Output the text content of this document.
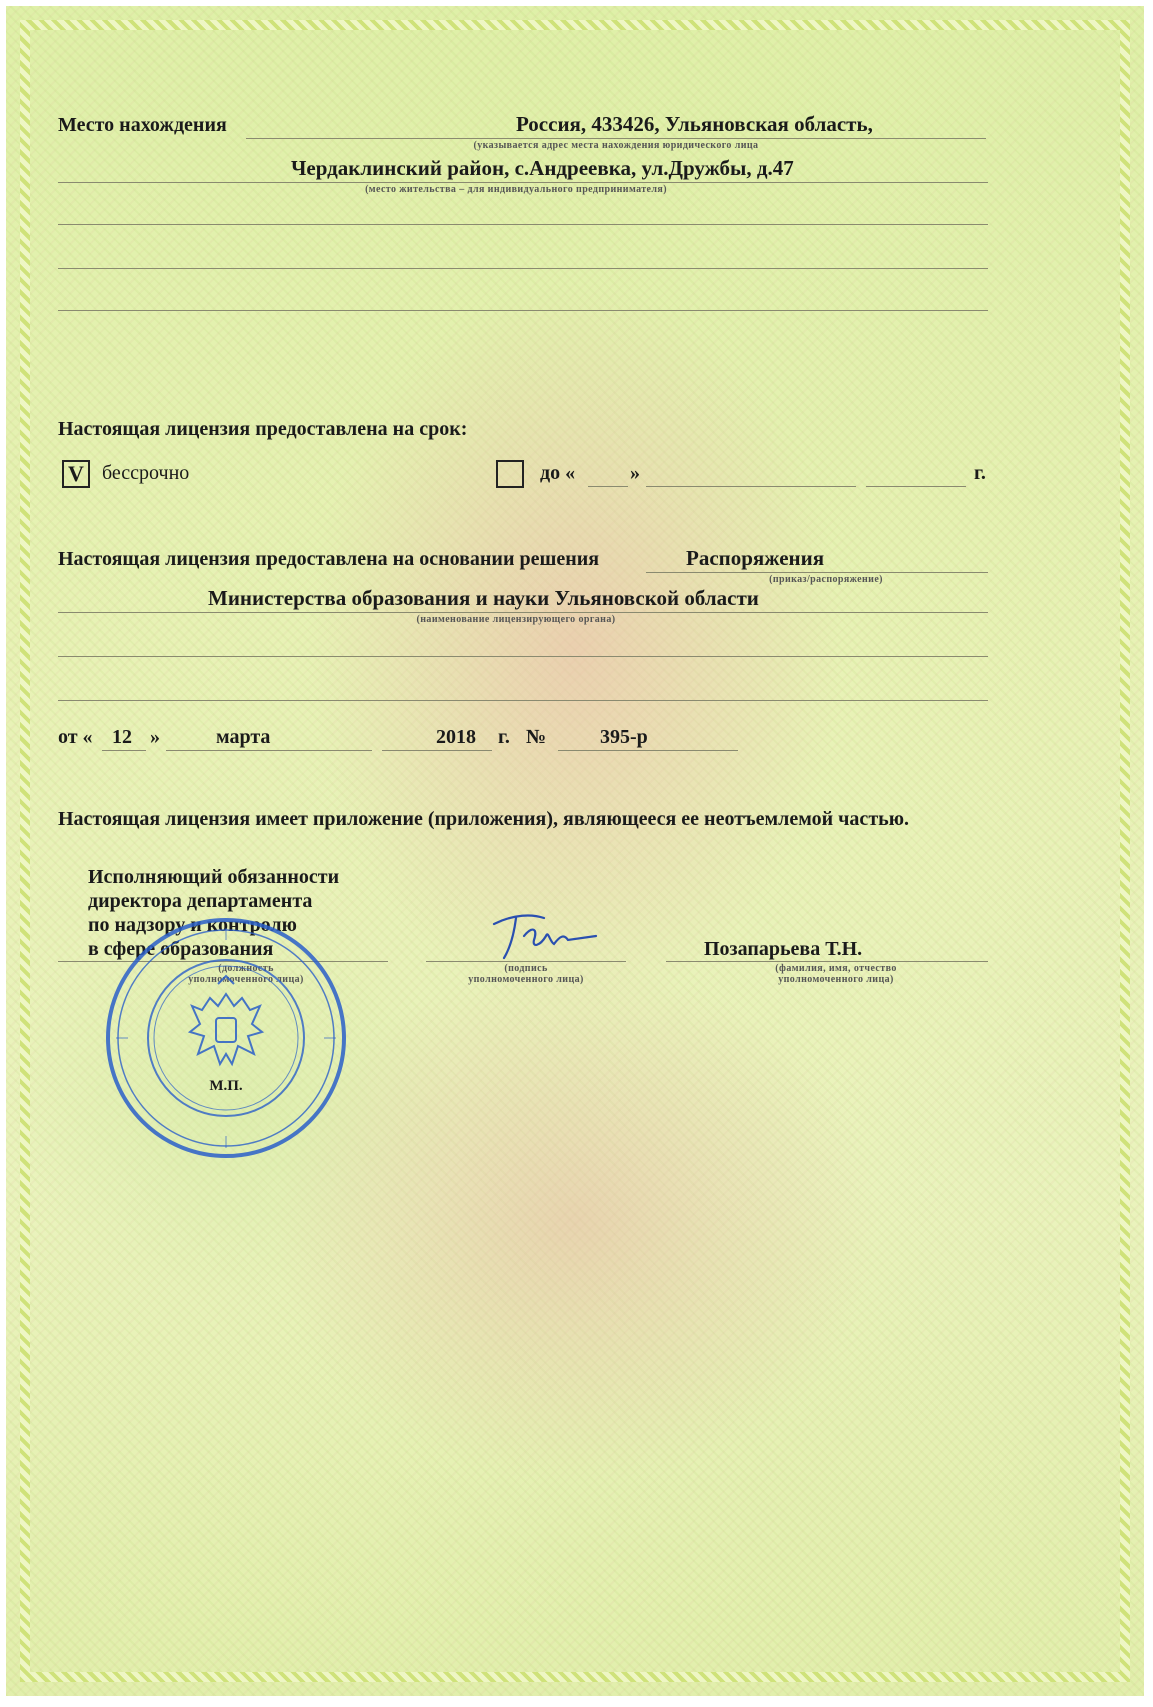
Место нахождения	Россия, 433426, Ульяновская область,
(указывается адрес места нахождения юридического лица
Чердаклинский район, с.Андреевка, ул.Дружбы, д.47
(место жительства – для индивидуального предпринимателя)
Настоящая лицензия предоставлена на срок:
V бессрочно	до «	»	г.
Настоящая лицензия предоставлена на основании решения	Распоряжения
(приказ/распоряжение)
Министерства образования и науки Ульяновской области
(наименование лицензирующего органа)
от « 12 »	марта	2018 г. №	395-р
Настоящая лицензия имеет приложение (приложения), являющееся ее неотъемлемой частью.
Исполняющий обязанности
директора департамента
по надзору и контролю
в сфере образования
(должность
уполномоченного лица)
(подпись
уполномоченного лица)
Позапарьева Т.Н.
(фамилия, имя, отчество
уполномоченного лица)
М.П.
